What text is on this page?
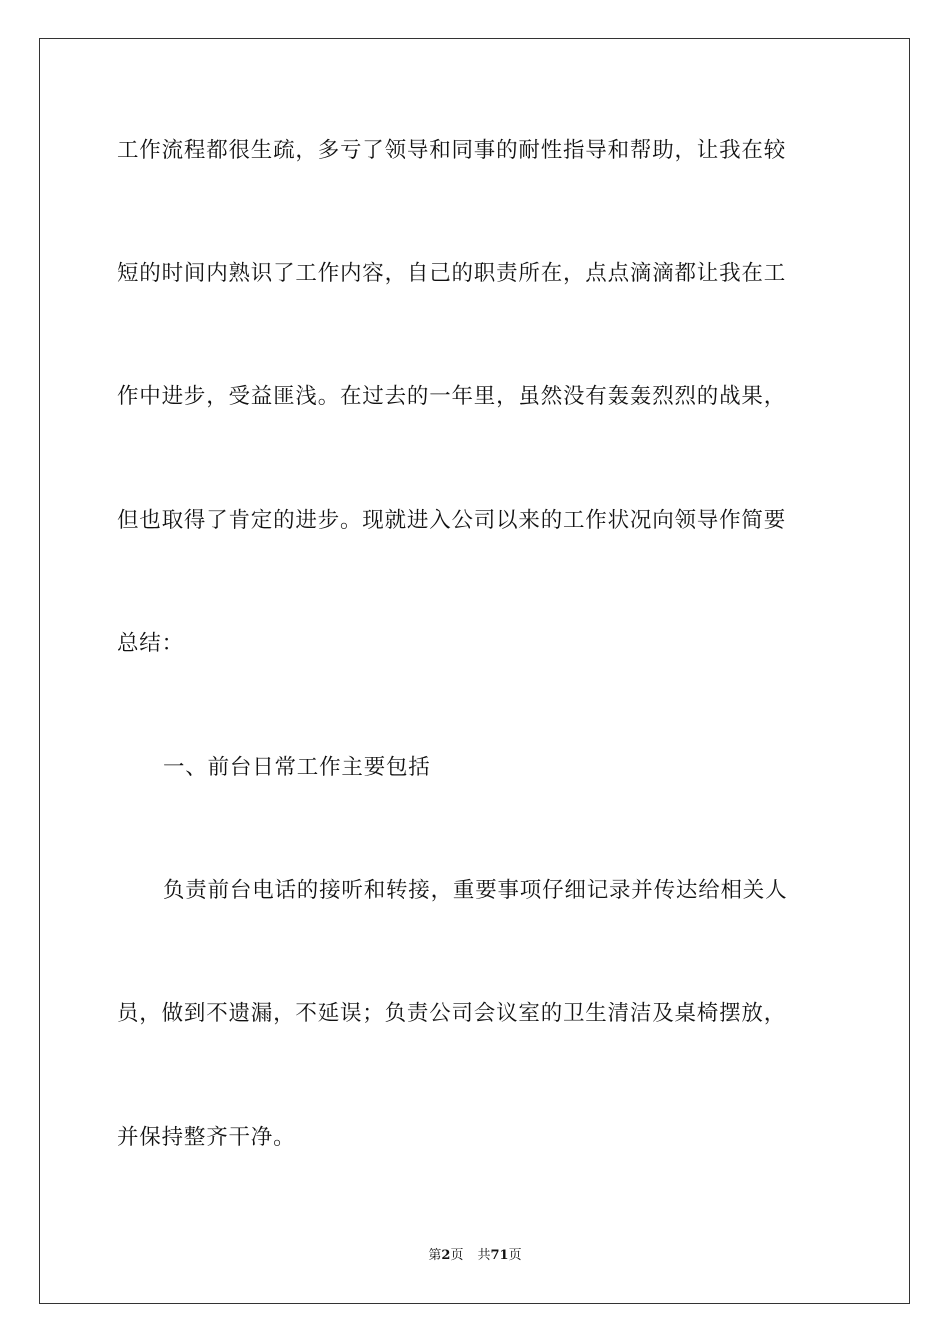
工作流程都很生疏，多亏了领导和同事的耐性指导和帮助，让我在较
短的时间内熟识了工作内容，自己的职责所在，点点滴滴都让我在工
作中进步，受益匪浅。在过去的一年里，虽然没有轰轰烈烈的战果，
但也取得了肯定的进步。现就进入公司以来的工作状况向领导作简要
总结：
一、前台日常工作主要包括
负责前台电话的接听和转接，重要事项仔细记录并传达给相关人
员，做到不遗漏，不延误；负责公司会议室的卫生清洁及桌椅摆放，
并保持整齐干净。
第2页 共71页
